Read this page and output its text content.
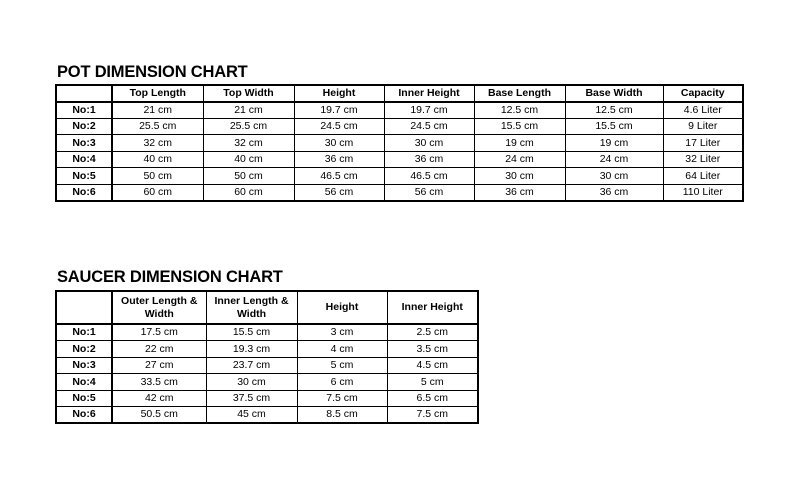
POT DIMENSION CHART
	Top Length	Top Width	Height	Inner Height	Base Length	Base Width	Capacity
No:1	21 cm	21 cm	19.7 cm	19.7 cm	12.5 cm	12.5 cm	4.6 Liter
No:2	25.5 cm	25.5 cm	24.5 cm	24.5 cm	15.5 cm	15.5 cm	9 Liter
No:3	32 cm	32 cm	30 cm	30 cm	19 cm	19 cm	17 Liter
No:4	40 cm	40 cm	36 cm	36 cm	24 cm	24 cm	32 Liter
No:5	50 cm	50 cm	46.5 cm	46.5 cm	30 cm	30 cm	64 Liter
No:6	60 cm	60 cm	56 cm	56 cm	36 cm	36 cm	110 Liter
SAUCER DIMENSION CHART
	Outer Length & Width	Inner Length & Width	Height	Inner Height
No:1	17.5 cm	15.5 cm	3 cm	2.5 cm
No:2	22 cm	19.3 cm	4 cm	3.5 cm
No:3	27 cm	23.7 cm	5 cm	4.5 cm
No:4	33.5 cm	30 cm	6 cm	5 cm
No:5	42 cm	37.5 cm	7.5 cm	6.5 cm
No:6	50.5 cm	45 cm	8.5 cm	7.5 cm
